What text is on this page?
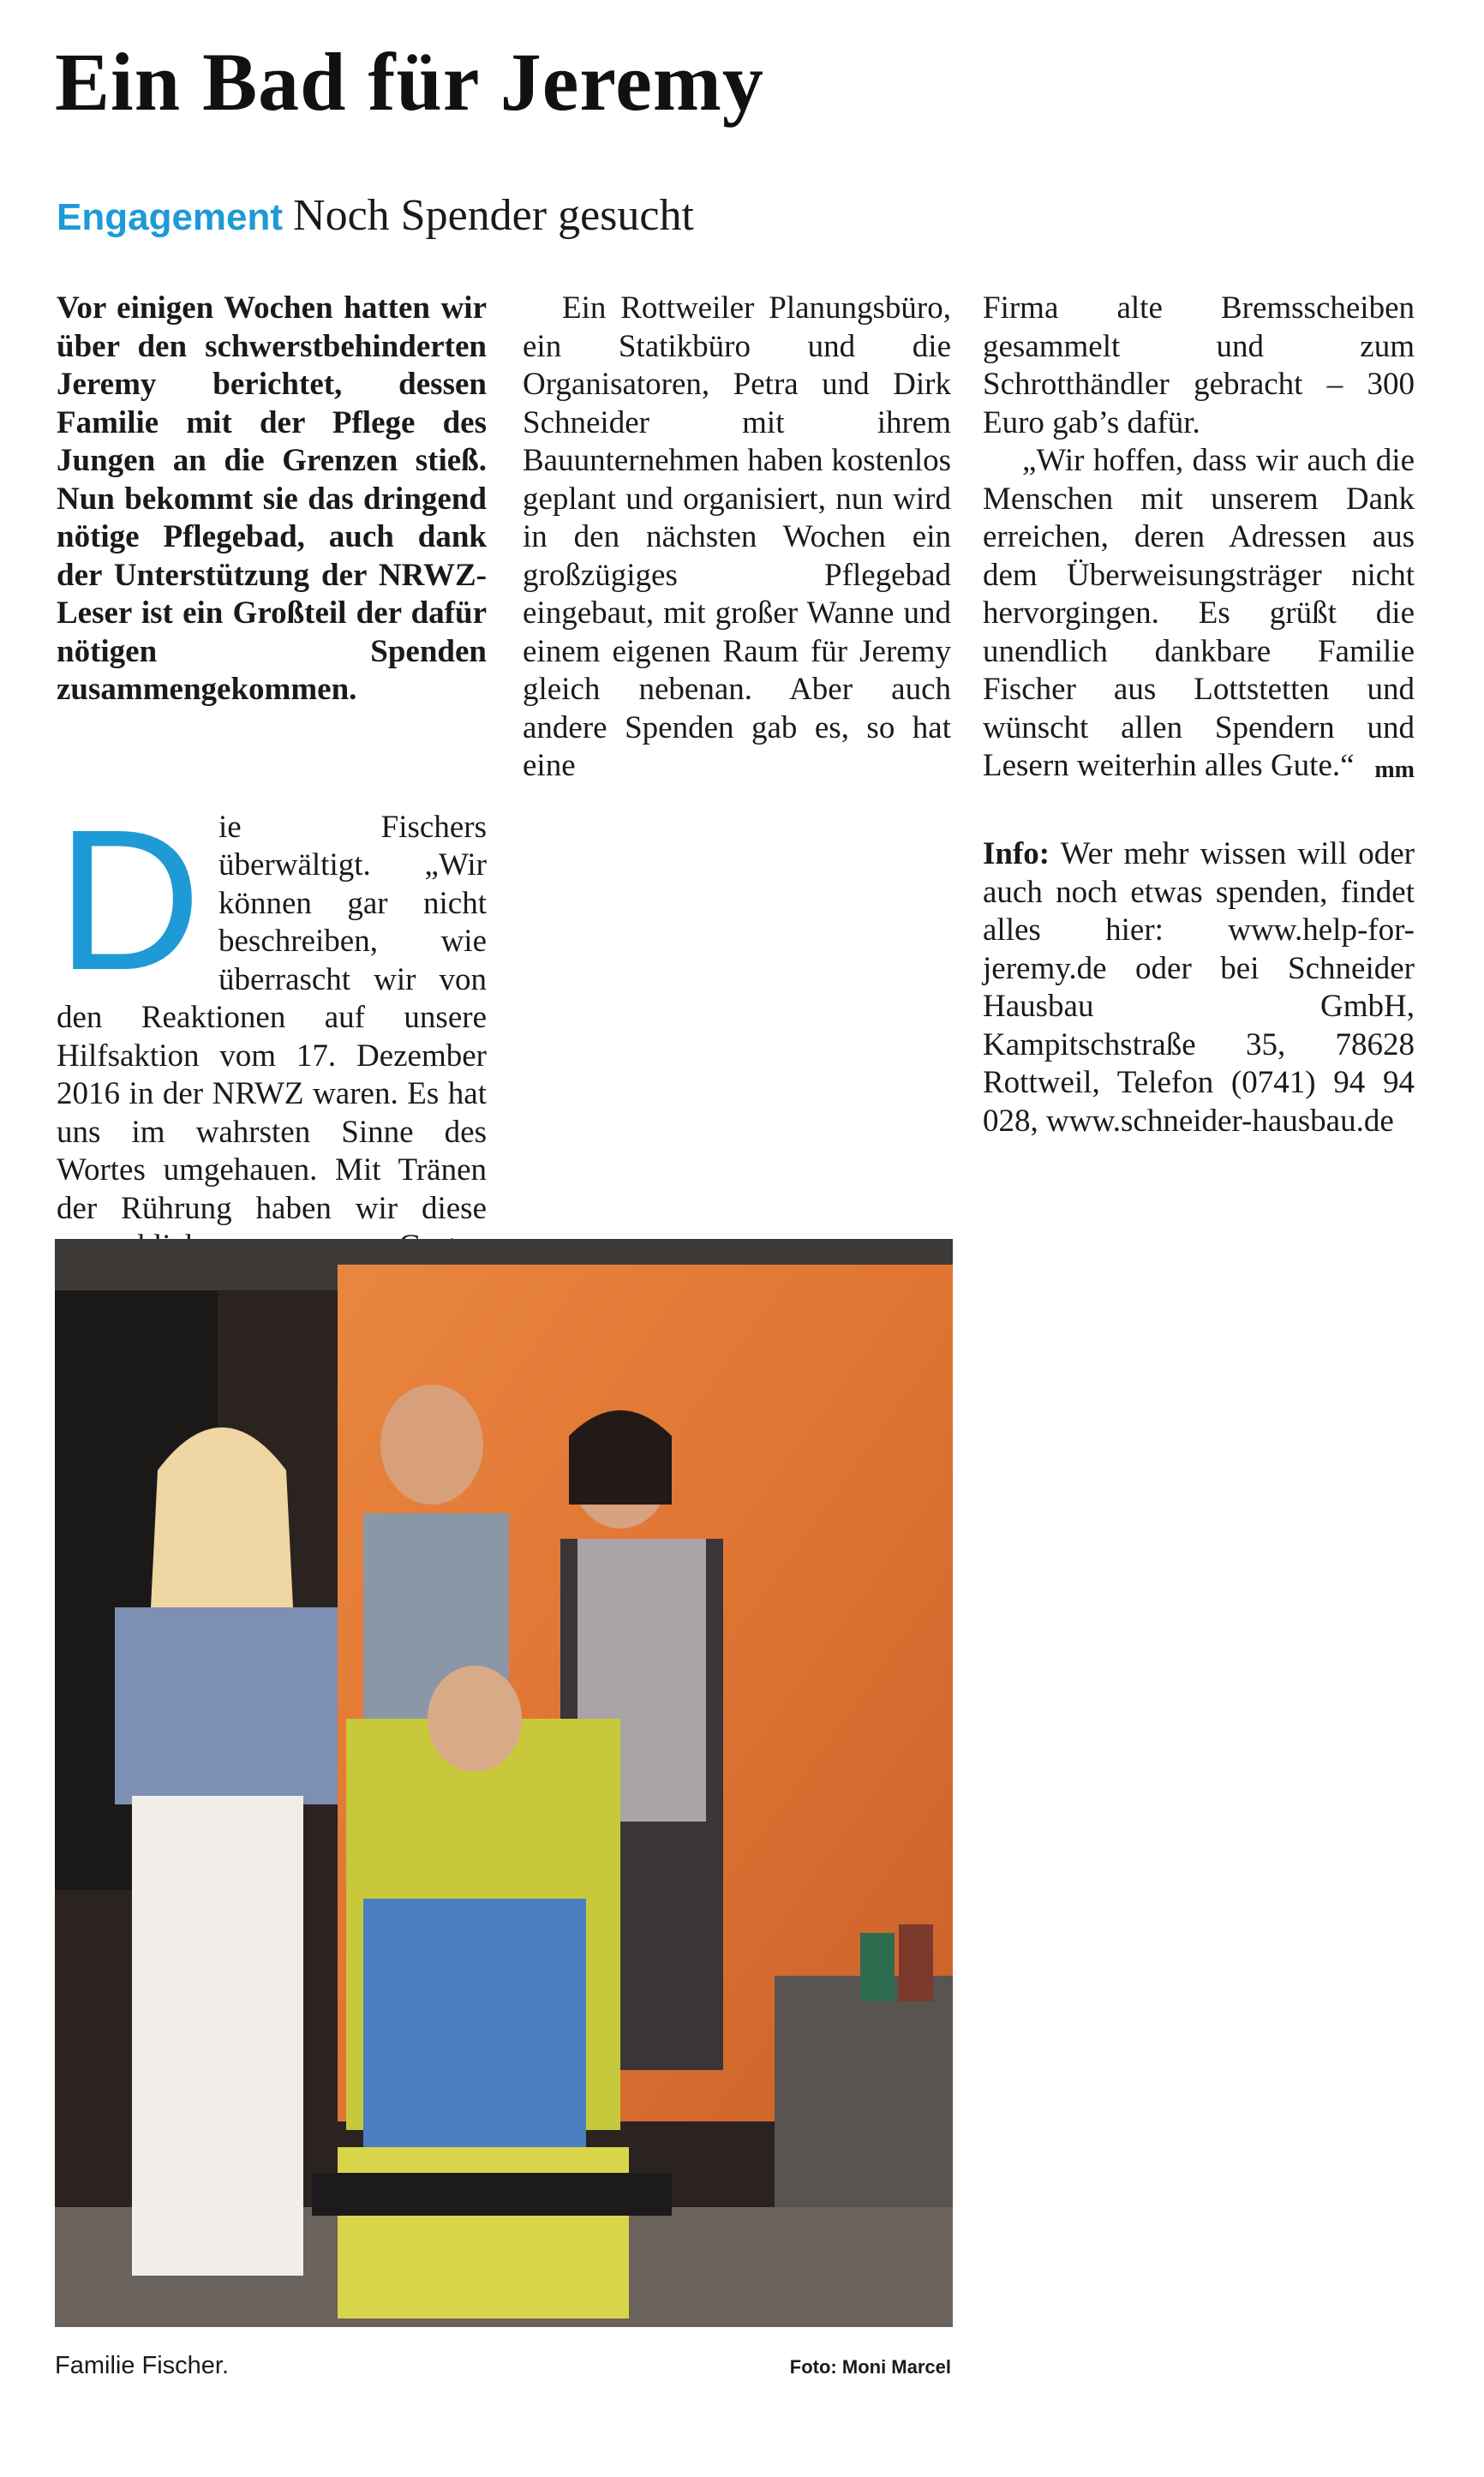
Ein Bad für Jeremy
Engagement Noch Spender gesucht

Vor einigen Wochen hatten wir über den schwerstbehinderten Jeremy berichtet, dessen Familie mit der Pflege des Jungen an die Grenzen stieß. Nun bekommt sie das dringend nötige Pflegebad, auch dank der Unterstützung der NRWZ-Leser ist ein Großteil der dafür nötigen Spenden zusammengekommen.

Die Fischers überwältigt. „Wir können gar nicht beschreiben, wie überrascht wir von den Reaktionen auf unsere Hilfsaktion vom 17. Dezember 2016 in der NRWZ waren. Es hat uns im wahrsten Sinne des Wortes umgehauen. Mit Tränen der Rührung haben wir diese

Ein Rottweiler Planungsbüro, ein Statikbüro und die Organisatoren, Petra und Dirk Schneider mit ihrem Bauunternehmen haben kostenlos geplant und organisiert, nun wird in den nächsten Wochen ein großzügiges Pflegebad eingebaut, mit großer Wanne und einem eigenen Raum für Jeremy gleich nebenan. Aber auch andere Spenden gab es, so hat eine

Firma alte Bremsscheiben gesammelt und zum Schrotthändler gebracht – 300 Euro gab’s dafür.

„Wir hoffen, dass wir auch die Menschen mit unserem Dank erreichen, deren Adressen aus dem Überweisungsträger nicht hervorgingen. Es grüßt die unendlich dankbare Familie Fischer aus Lottstetten und wünscht allen Spendern und Lesern weiterhin alles Gute.“ mm

Info: Wer mehr wissen will oder auch noch etwas spenden, findet alles hier: www.help-for-jeremy.de oder bei Schneider Hausbau GmbH, Kampitschstraße 35, 78628 Rottweil, Telefon (0741) 94 94 028, www.schneider-hausbau.de

Familie Fischer.	Foto: Moni Marcel
